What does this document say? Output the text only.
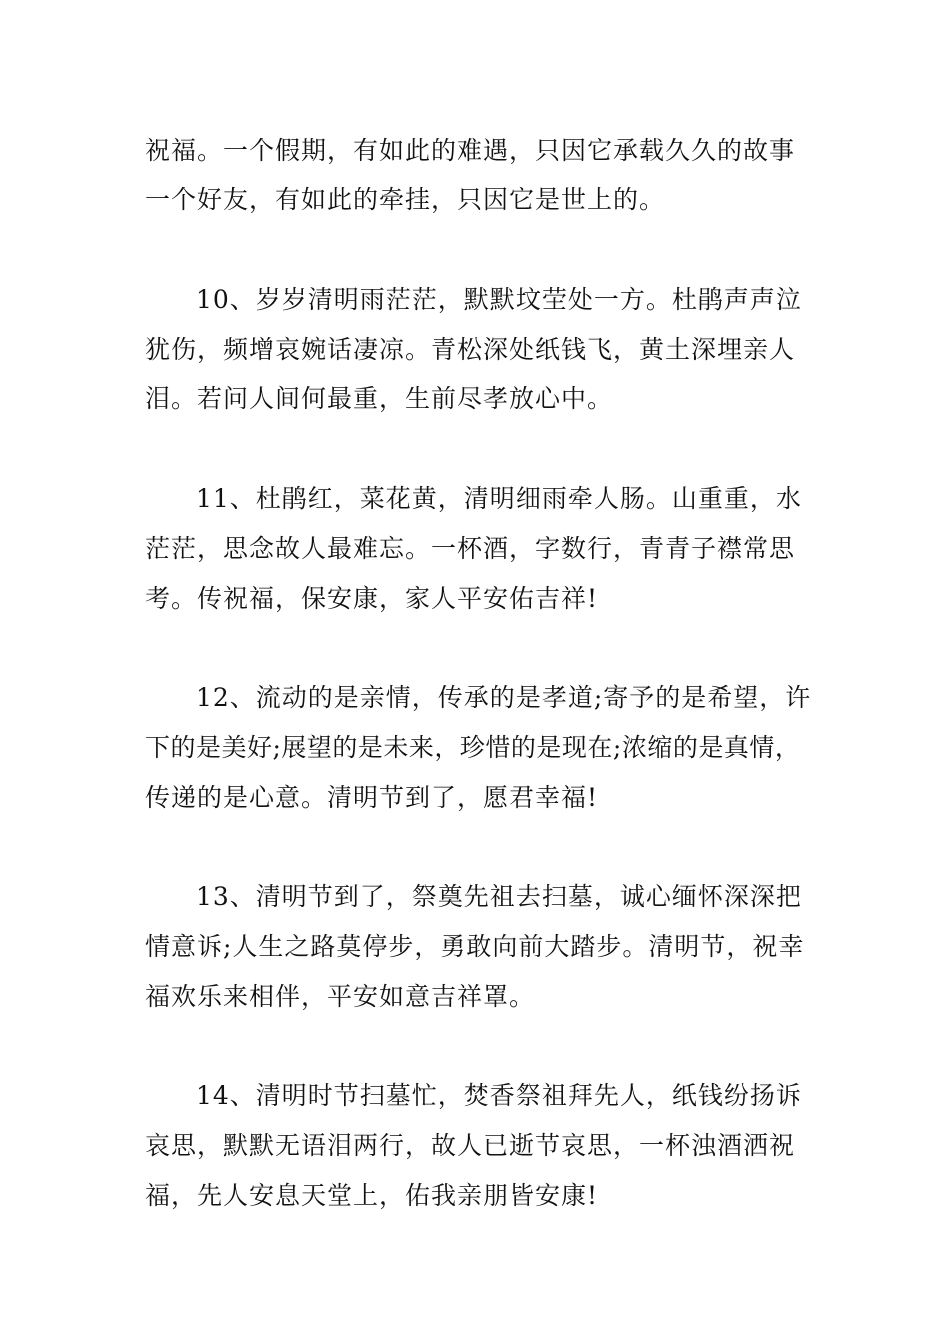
祝福。一个假期，有如此的难遇，只因它承载久久的故事
一个好友，有如此的牵挂，只因它是世上的。
10、岁岁清明雨茫茫，默默坟茔处一方。杜鹃声声泣
犹伤，频增哀婉话凄凉。青松深处纸钱飞，黄土深埋亲人
泪。若问人间何最重，生前尽孝放心中。
11、杜鹃红，菜花黄，清明细雨牵人肠。山重重，水
茫茫，思念故人最难忘。一杯酒，字数行，青青子襟常思
考。传祝福，保安康，家人平安佑吉祥!
12、流动的是亲情，传承的是孝道;寄予的是希望，许
下的是美好;展望的是未来，珍惜的是现在;浓缩的是真情，
传递的是心意。清明节到了，愿君幸福!
13、清明节到了，祭奠先祖去扫墓，诚心缅怀深深把
情意诉;人生之路莫停步，勇敢向前大踏步。清明节，祝幸
福欢乐来相伴，平安如意吉祥罩。
14、清明时节扫墓忙，焚香祭祖拜先人，纸钱纷扬诉
哀思，默默无语泪两行，故人已逝节哀思，一杯浊酒洒祝
福，先人安息天堂上，佑我亲朋皆安康!
